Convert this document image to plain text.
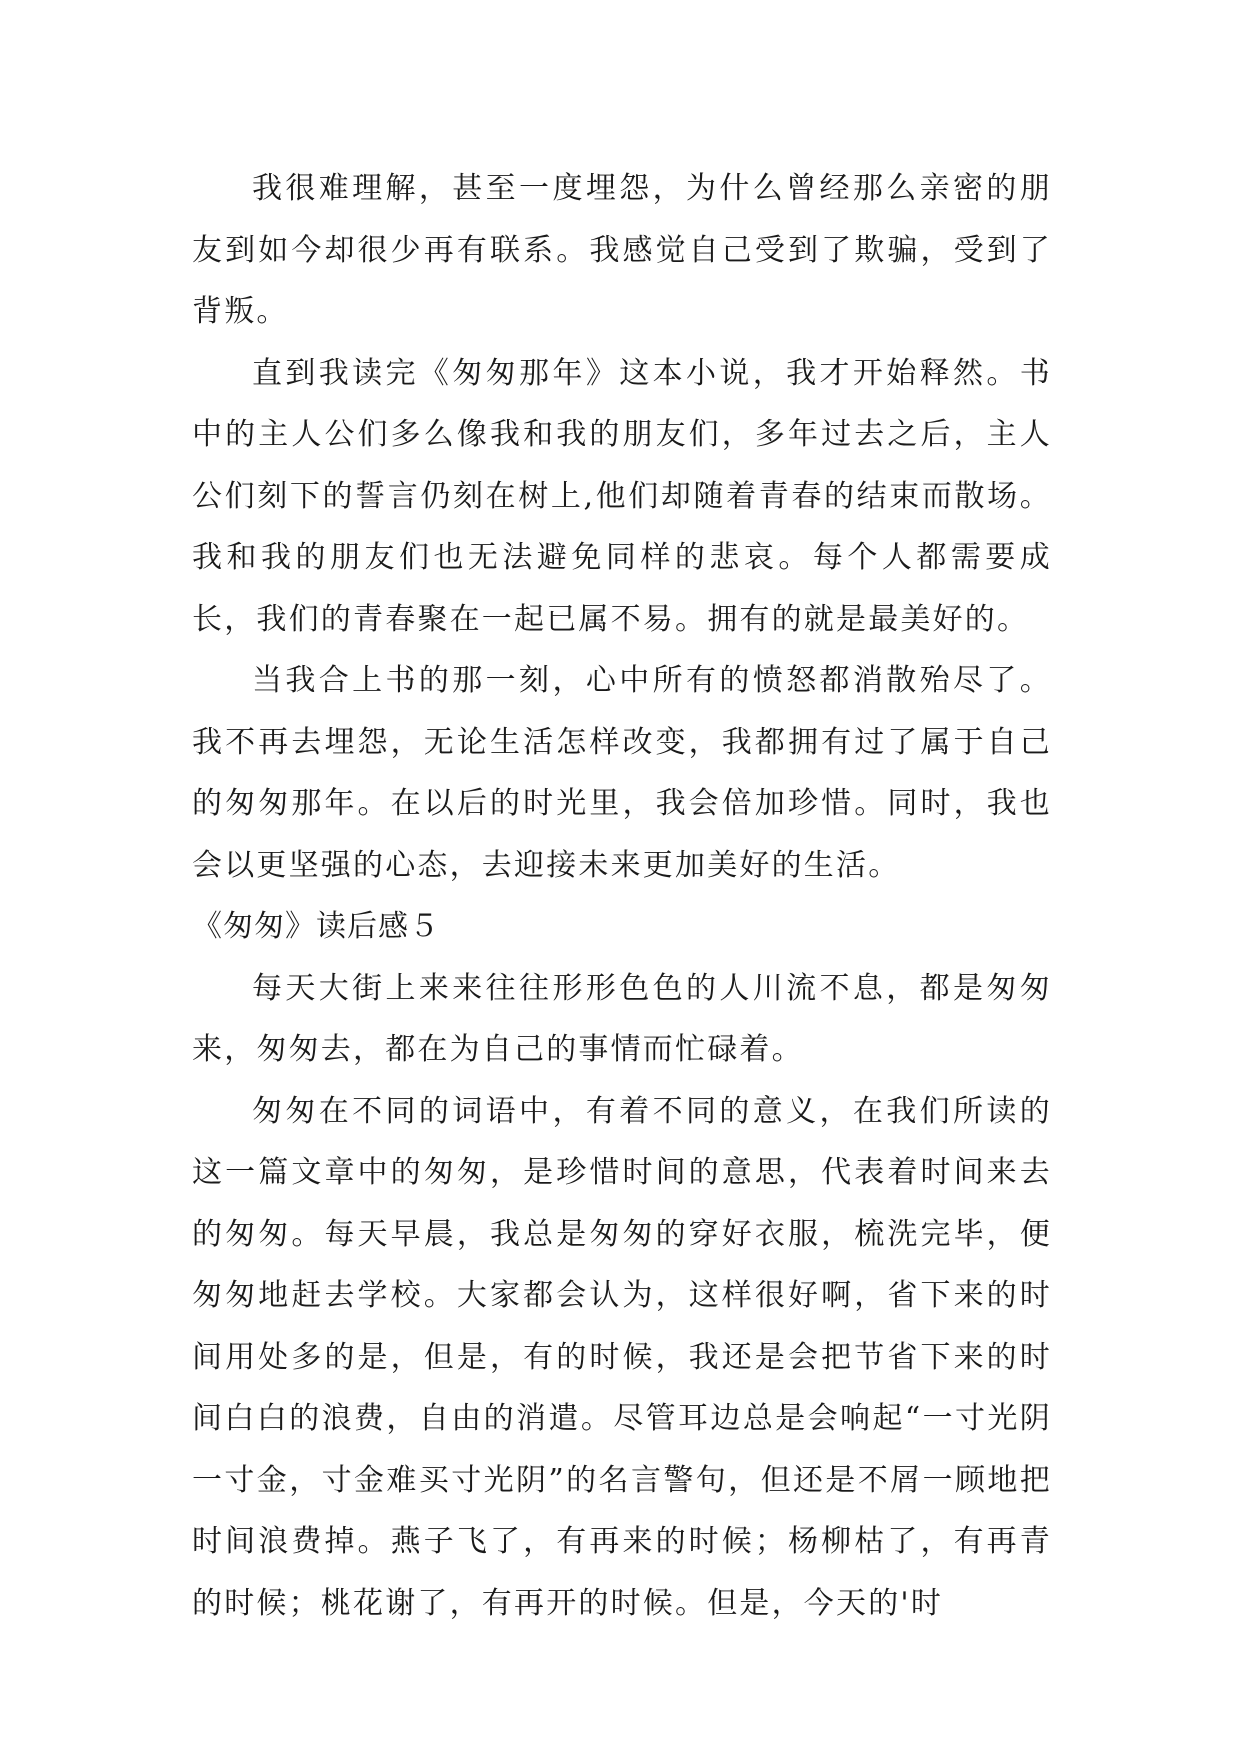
我很难理解，甚至一度埋怨，为什么曾经那么亲密的朋友到如今却很少再有联系。我感觉自己受到了欺骗，受到了背叛。

直到我读完《匆匆那年》这本小说，我才开始释然。书中的主人公们多么像我和我的朋友们，多年过去之后，主人公们刻下的誓言仍刻在树上,他们却随着青春的结束而散场。我和我的朋友们也无法避免同样的悲哀。每个人都需要成长，我们的青春聚在一起已属不易。拥有的就是最美好的。

当我合上书的那一刻，心中所有的愤怒都消散殆尽了。我不再去埋怨，无论生活怎样改变，我都拥有过了属于自己的匆匆那年。在以后的时光里，我会倍加珍惜。同时，我也会以更坚强的心态，去迎接未来更加美好的生活。

《匆匆》读后感５

每天大街上来来往往形形色色的人川流不息，都是匆匆来，匆匆去，都在为自己的事情而忙碌着。

匆匆在不同的词语中，有着不同的意义，在我们所读的这一篇文章中的匆匆，是珍惜时间的意思，代表着时间来去的匆匆。每天早晨，我总是匆匆的穿好衣服，梳洗完毕，便匆匆地赶去学校。大家都会认为，这样很好啊，省下来的时间用处多的是，但是，有的时候，我还是会把节省下来的时间白白的浪费，自由的消遣。尽管耳边总是会响起“一寸光阴一寸金，寸金难买寸光阴”的名言警句，但还是不屑一顾地把时间浪费掉。燕子飞了，有再来的时候；杨柳枯了，有再青的时候；桃花谢了，有再开的时候。但是，今天的'时
